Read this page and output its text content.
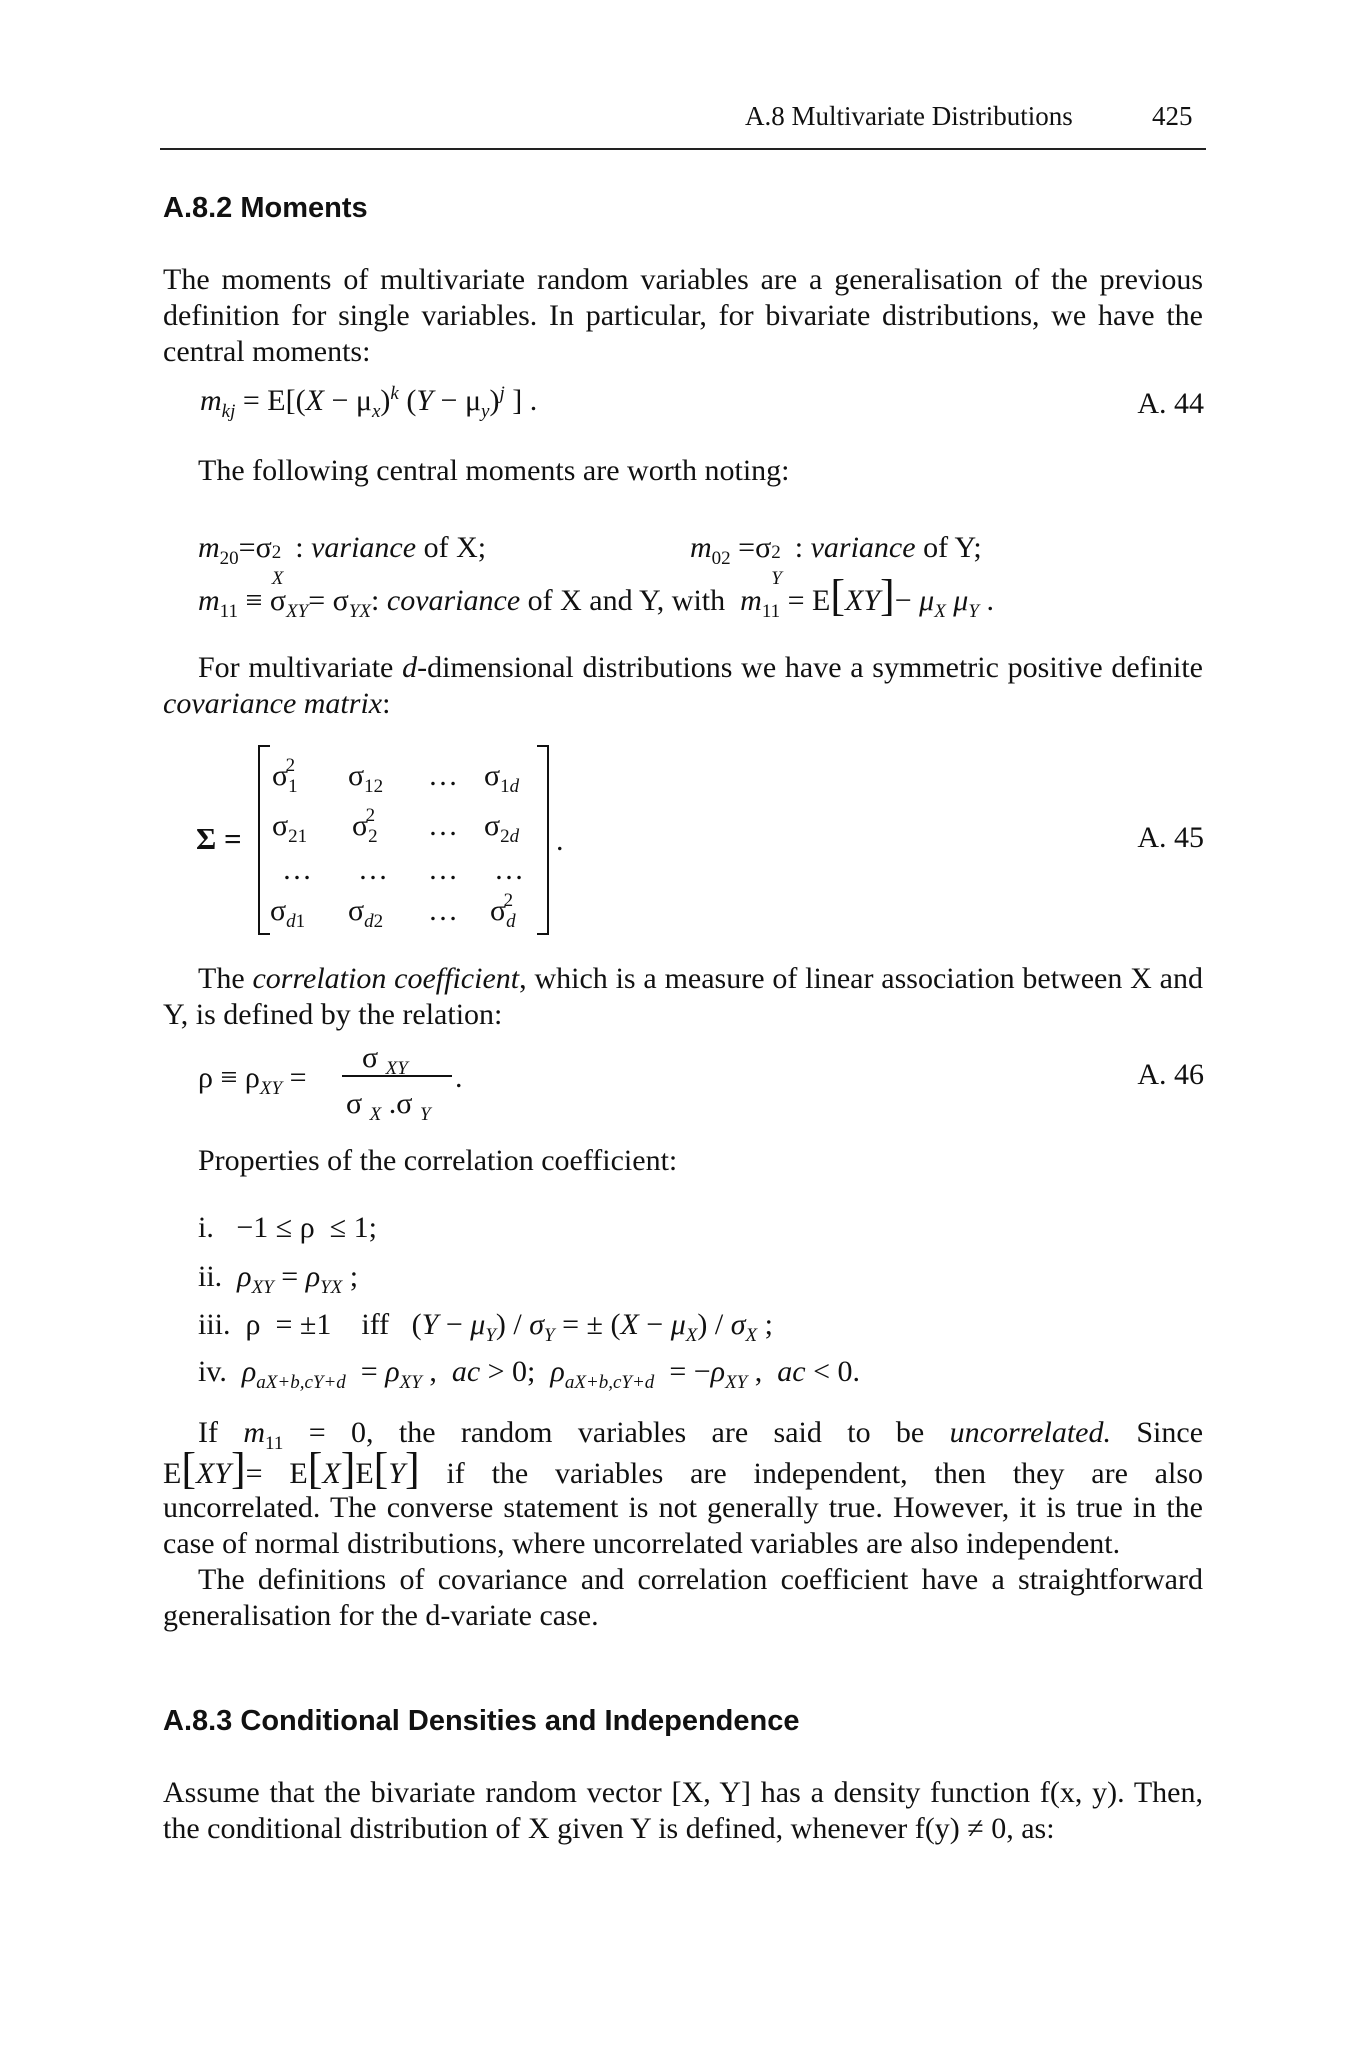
A.8 Multivariate Distributions	425
A.8.2 Moments
The moments of multivariate random variables are a generalisation of the previous definition for single variables. In particular, for bivariate distributions, we have the central moments:
$m_{kj} = E[(X - \mu_x)^k$ $(Y - \mu_y)^j$ ] .	A. 44
The following central moments are worth noting:
$m_{20}=\sigma$ 2
X
: variance of X;	$m_{02} =\sigma$ 2
Y
: variance of Y;
$m_{11} \equiv \sigma_{XY}= \sigma_{YX}$: covariance of X and Y, with $m_{11} = E[XY]- \mu_X$ $\mu_Y$ .
For multivariate d-dimensional distributions we have a symmetric positive definite covariance matrix:
Σ =
$\sigma_1^2$	$\sigma_{12}$ … $\sigma_{1d}$
$\sigma_{21}$ $\sigma_2^2$	… $\sigma_{2d}$
… … … …
$\sigma_{d1}$ $\sigma_{d2}$ … $\sigma_d^2$
.	A. 45
The correlation coefficient, which is a measure of linear association between X and Y, is defined by the relation:
$\rho \equiv \rho_{XY}$ =
σ $_{XY}$
σ $_X$ .σ $_Y$
.	A. 46
Properties of the correlation coefficient:
i.   −1 ≤ ρ  ≤ 1;
ii. $\rho_{XY} = \rho_{YX}$ ;
iii.  ρ  = ±1    iff   $(Y - \mu_Y) / \sigma_Y$ = ± $(X - \mu_X) / \sigma_X$ ;
iv. $\rho_{aX+b,cY+d} = \rho_{XY}$ ,  ac > 0;  $\rho_{aX+b,cY+d} = -\rho_{XY}$ ,  ac < 0.
If $m_{11} = 0$, the random variables are said to be uncorrelated. Since
E[XY]= E[X]E[Y] if the variables are independent, then they are also
uncorrelated. The converse statement is not generally true. However, it is true in the case of normal distributions, where uncorrelated variables are also independent.
The definitions of covariance and correlation coefficient have a straightforward generalisation for the d-variate case.
A.8.3 Conditional Densities and Independence
Assume that the bivariate random vector [X, Y] has a density function f(x, y). Then, the conditional distribution of X given Y is defined, whenever f(y) ≠ 0, as:
